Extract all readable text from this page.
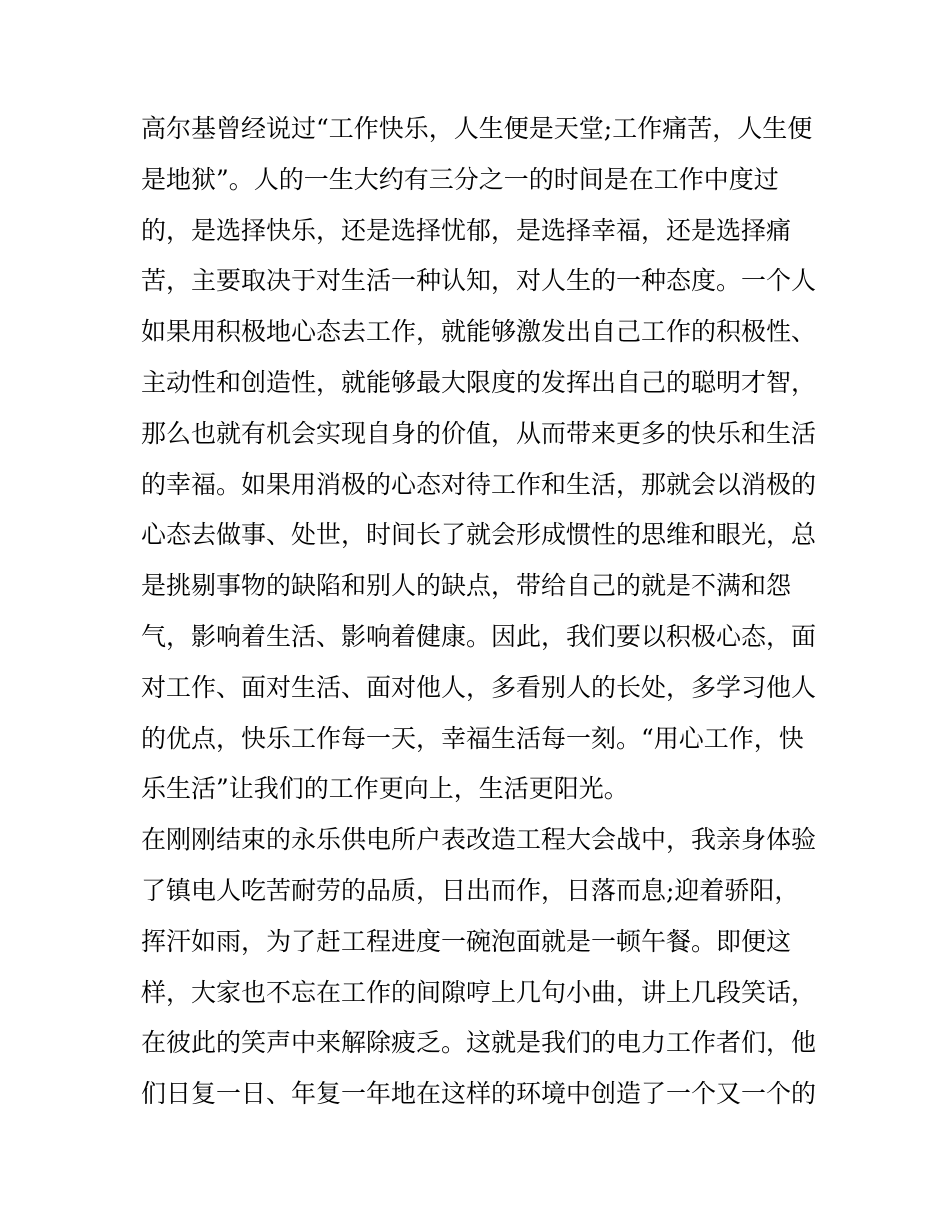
高尔基曾经说过“工作快乐，人生便是天堂;工作痛苦，人生便
是地狱”。人的一生大约有三分之一的时间是在工作中度过
的，是选择快乐，还是选择忧郁，是选择幸福，还是选择痛
苦，主要取决于对生活一种认知，对人生的一种态度。一个人
如果用积极地心态去工作，就能够激发出自己工作的积极性、
主动性和创造性，就能够最大限度的发挥出自己的聪明才智，
那么也就有机会实现自身的价值，从而带来更多的快乐和生活
的幸福。如果用消极的心态对待工作和生活，那就会以消极的
心态去做事、处世，时间长了就会形成惯性的思维和眼光，总
是挑剔事物的缺陷和别人的缺点，带给自己的就是不满和怨
气，影响着生活、影响着健康。因此，我们要以积极心态，面
对工作、面对生活、面对他人，多看别人的长处，多学习他人
的优点，快乐工作每一天，幸福生活每一刻。“用心工作，快
乐生活”让我们的工作更向上，生活更阳光。
在刚刚结束的永乐供电所户表改造工程大会战中，我亲身体验
了镇电人吃苦耐劳的品质，日出而作，日落而息;迎着骄阳，
挥汗如雨，为了赶工程进度一碗泡面就是一顿午餐。即便这
样，大家也不忘在工作的间隙哼上几句小曲，讲上几段笑话，
在彼此的笑声中来解除疲乏。这就是我们的电力工作者们，他
们日复一日、年复一年地在这样的环境中创造了一个又一个的
